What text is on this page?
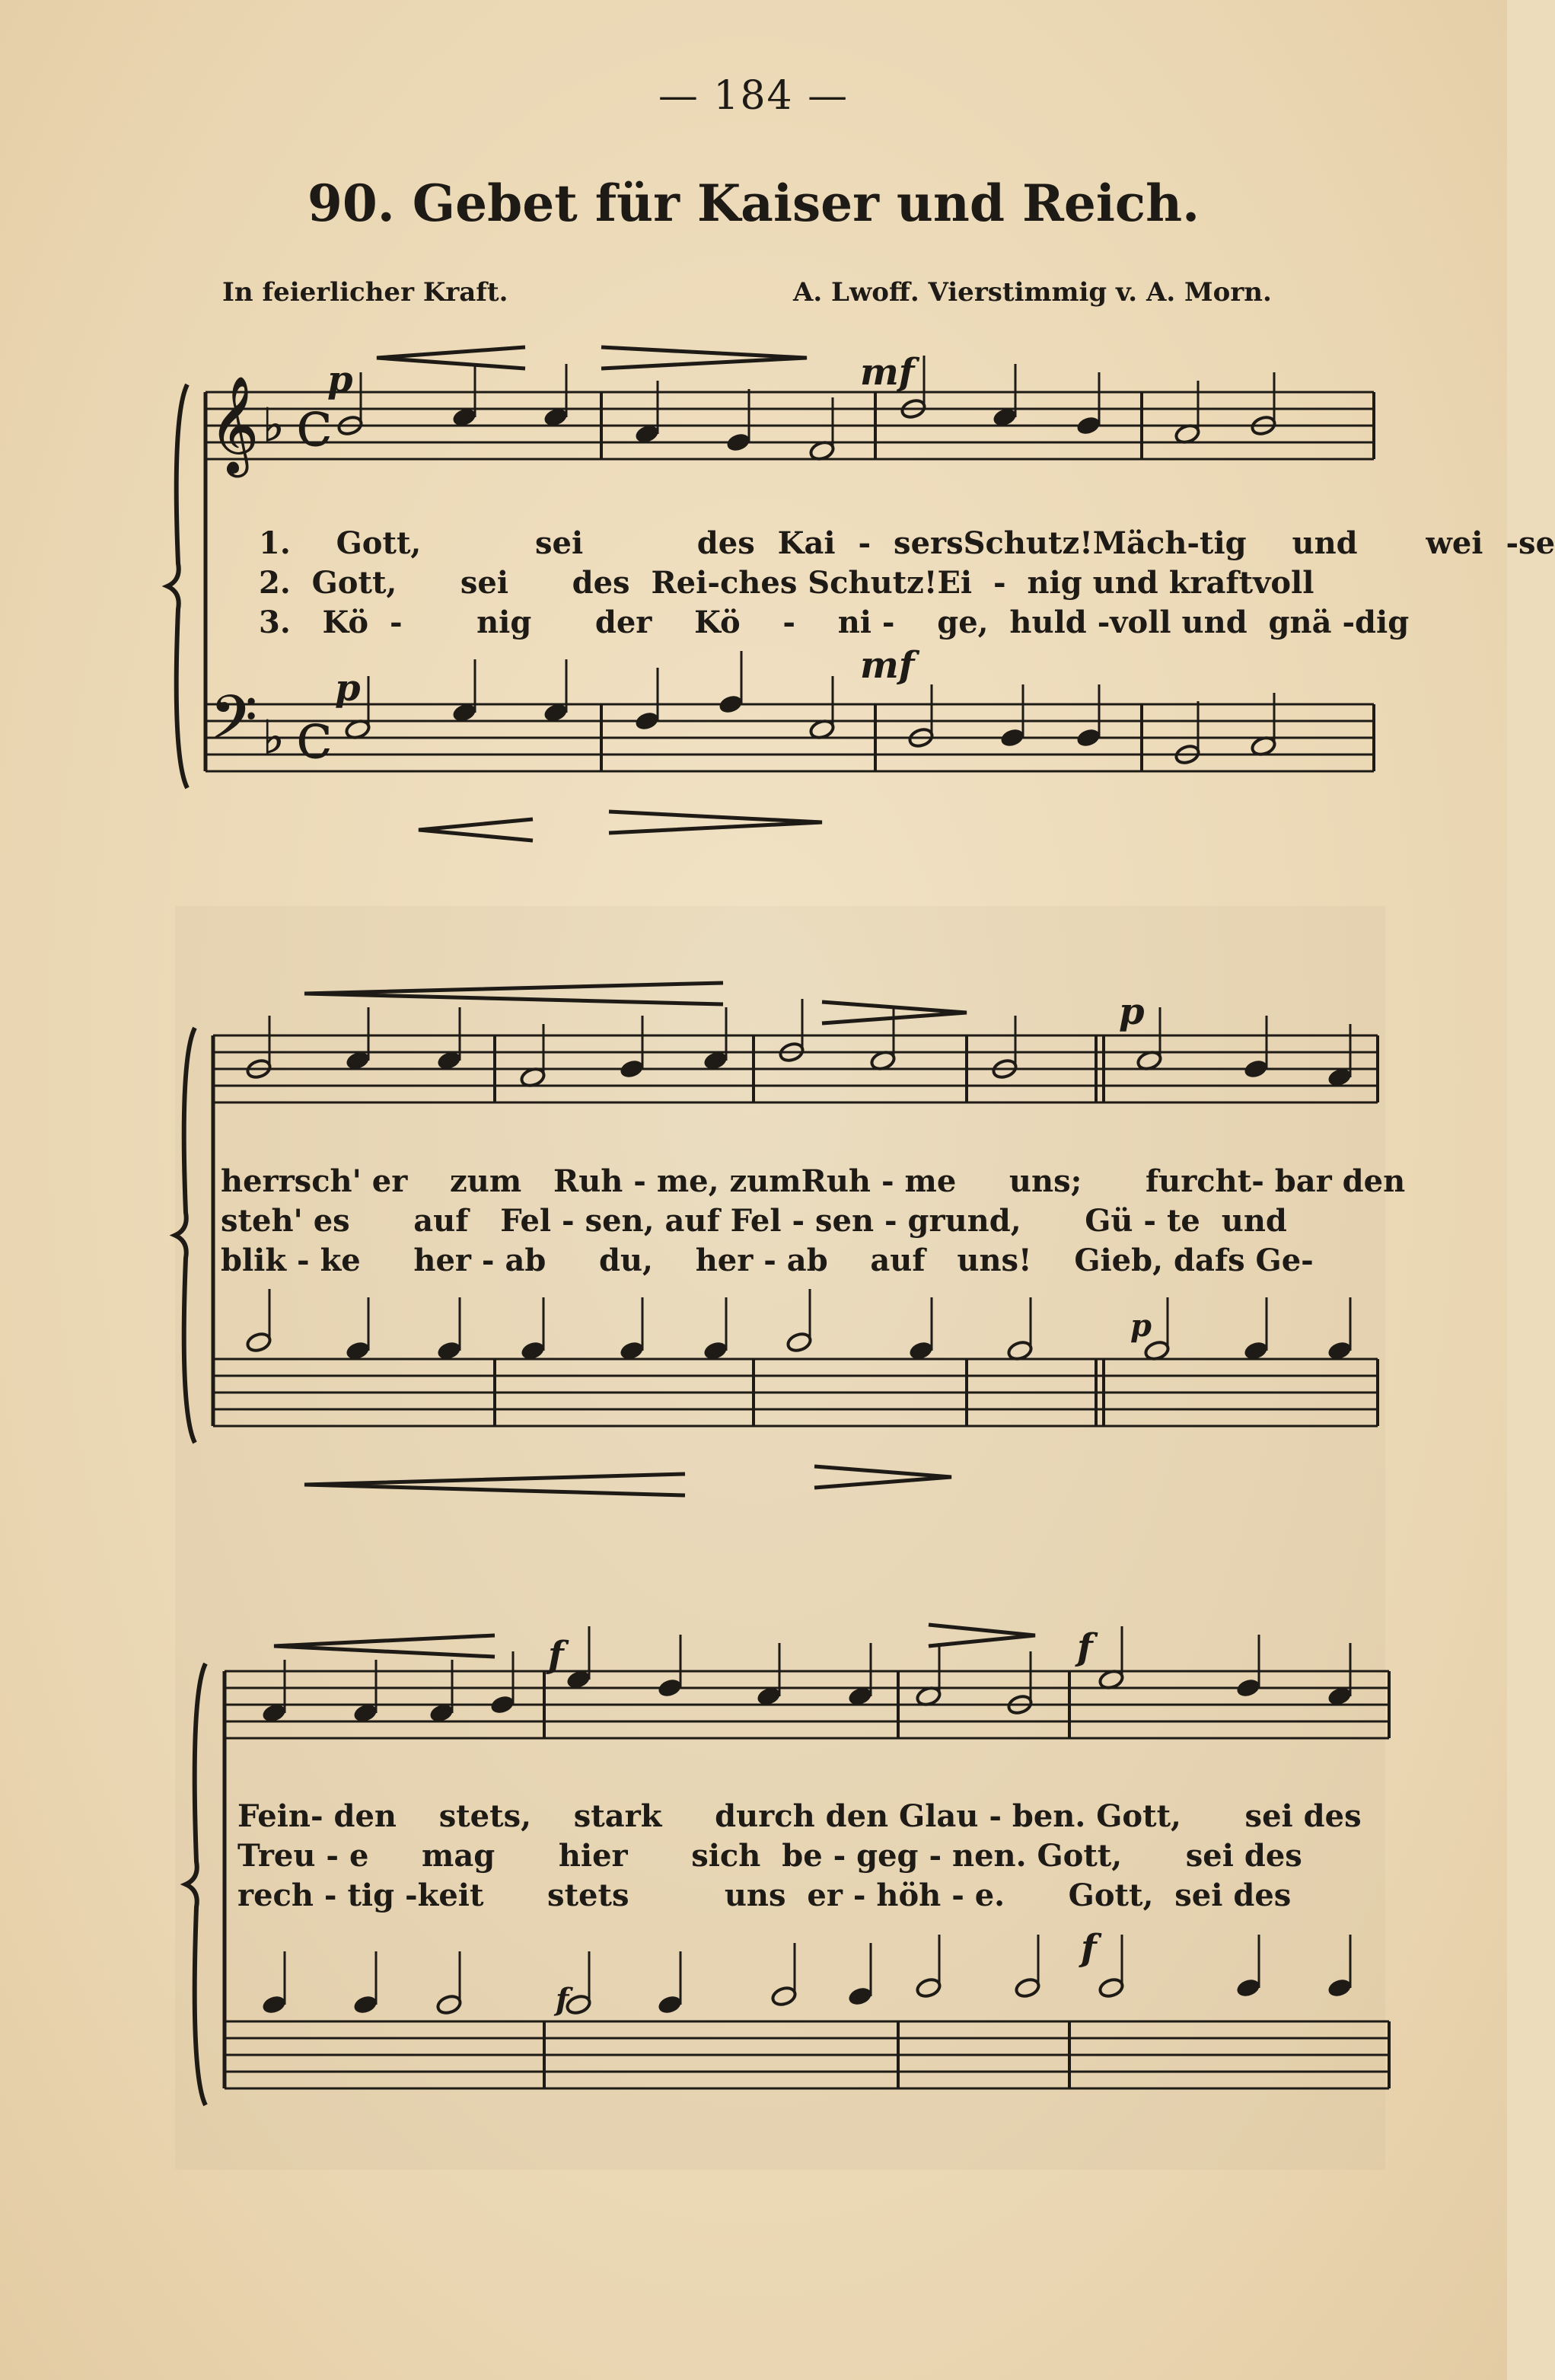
— 184 —
90. Gebet für Kaiser und Reich.
In feierlicher Kraft.	A. Lwoff. Vierstimmig v. A. Morn.
𝄞
𝄢
♭
♭
C
C
p	mf
p
mf
p
p
f	f
f
f
1. Gott,	sei	des Kai - sersSchutz!Mäch-tig und wei -se
2. Gott, sei des Rei-ches Schutz!Ei - nig und kraftvoll
3. Kö - nig der Kö - ni - ge, huld -voll und gnä -dig
herrsch' er zum Ruh - me, zumRuh - me uns; furcht- bar den
steh' es auf Fel - sen, auf Fel - sen - grund, Gü - te und
blik - ke her - ab du, her - ab auf uns! Gieb, dafs Ge-
Fein- den stets, stark durch den Glau - ben. Gott, sei des
Treu - e mag hier sich be - geg - nen. Gott, sei des
rech - tig -keit stets	uns er - höh - e. Gott, sei des
